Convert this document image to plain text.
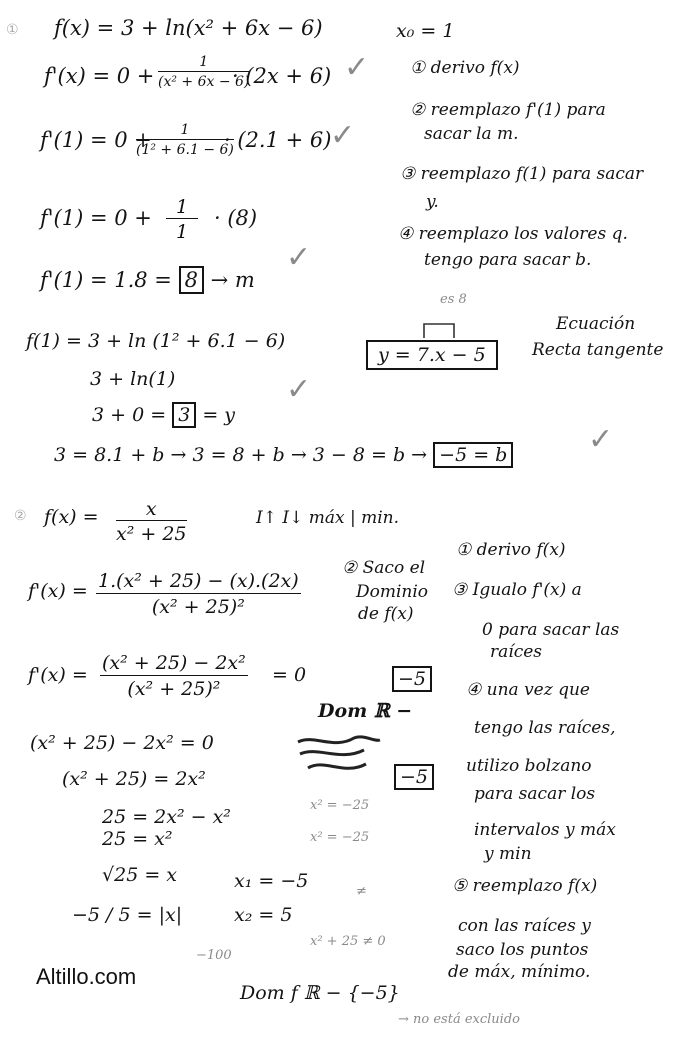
① f(x) = 3 + ln(x² + 6x − 6)
$f'(x) = 0 + \frac{1}{\text{(x² + 6x − 6)}}$
· (2x + 6) ✓
f'(1) = 0 +
$\frac{1}{\text{(1² + 6.1 − 6)}}$
· (2.1 + 6)
✓
$f'(1) = 0 + \frac{1}{1} \cdot (8)$
f'(1) = 1.8 = 8 → m
✓
f(1) = 3 + ln (1² + 6.1 − 6)
3 + ln(1)	✓
3 + 0 = 3 = y
3 = 8.1 + b → 3 = 8 + b → 3 − 8 = b → −5 = b	✓
x₀ = 1
① derivo f(x)
② reemplazo f'(1) para
sacar la m.
③ reemplazo f(1) para sacar
y.
④ reemplazo los valores q.
tengo para sacar b.
es 8
Ecuación
Recta tangente
y = 7.x − 5
② $f(x) = \frac{x}{\text{x² + 25}}$	I↑ I↓ máx | min.
$f'(x) = \frac{\text{1.(x² + 25) − (x).(2x)}}{\text{(x² + 25)²}}$
$f'(x) = \frac{\text{(x² + 25) − 2x²}}{\text{(x² + 25)²}} = 0$
② Saco el
Dominio
de f(x)
−5
Dom ℝ −
−5
(x² + 25) − 2x² = 0
(x² + 25) = 2x²
25 = 2x² − x²
25 = x²
√25 = x
−5 / 5 = |x|
x₁ = −5
x₂ = 5
x² = −25
x² = −25
≠
x² + 25 ≠ 0
−100
Dom f ℝ − {−5}
→ no está excluido
① derivo f(x)
③ Igualo f'(x) a
0 para sacar las
raíces
④ una vez que
tengo las raíces,
utilizo bolzano
para sacar los
intervalos y máx
y min
⑤ reemplazo f(x)
con las raíces y
saco los puntos
de máx, mínimo.
Altillo.com
